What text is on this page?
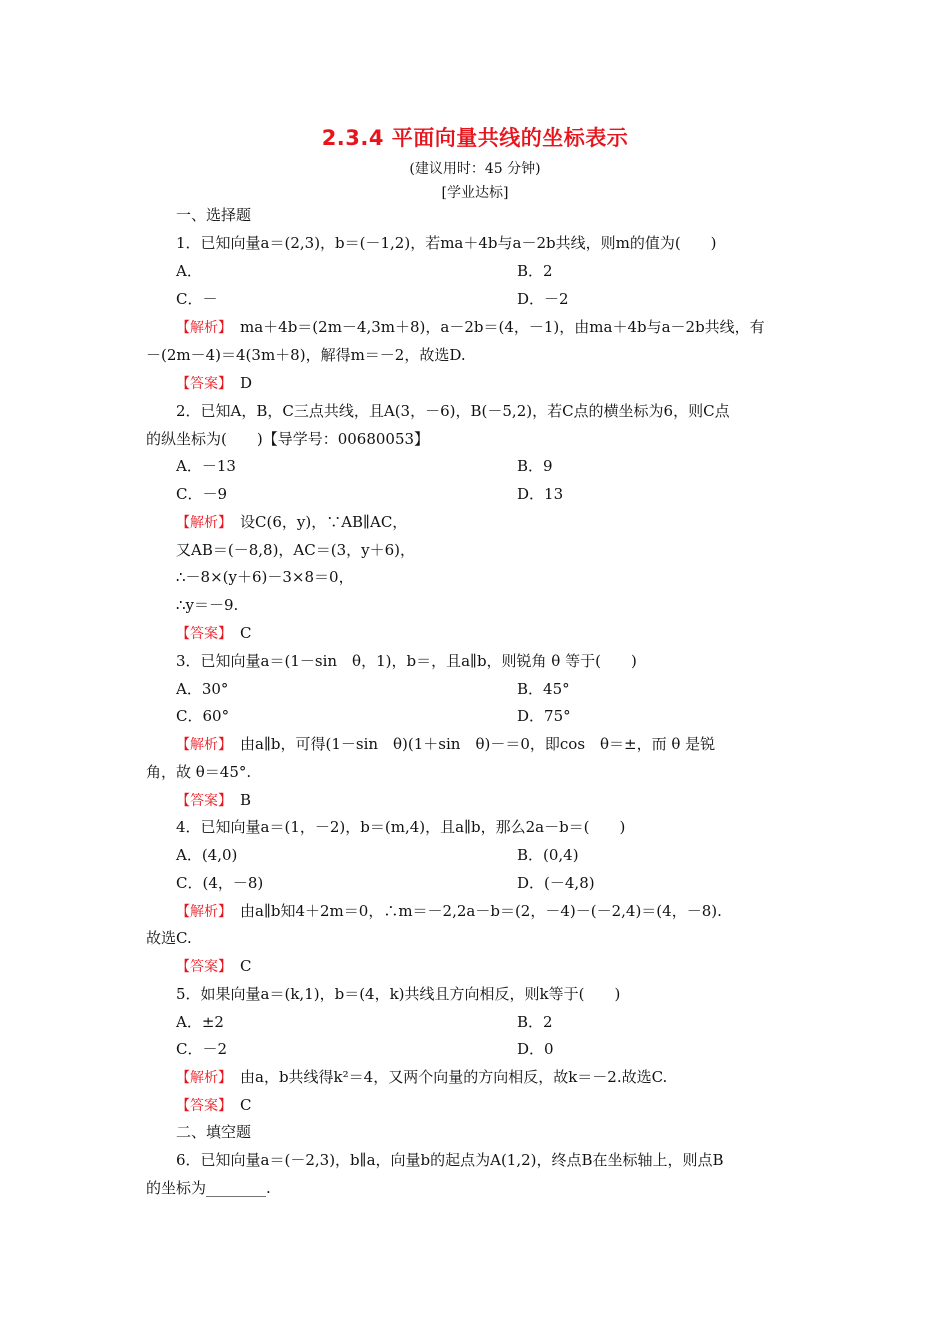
2.3.4 平面向量共线的坐标表示
(建议用时：45 分钟)
[学业达标]
一、选择题
1．已知向量a＝(2,3)，b＝(－1,2)，若ma＋4b与a－2b共线，则m的值为(　　)
A．	B．2
C．－	D．－2
【解析】　ma＋4b＝(2m－4,3m＋8)，a－2b＝(4，－1)，由ma＋4b与a－2b共线，有
－(2m－4)＝4(3m＋8)，解得m＝－2，故选D.
【答案】　D
2．已知A，B，C三点共线，且A(3，－6)，B(－5,2)，若C点的横坐标为6，则C点
的纵坐标为(　　)【导学号：00680053】
A．－13	B．9
C．－9	D．13
【解析】　设C(6，y)，∵AB∥AC，
又AB＝(－8,8)，AC＝(3，y＋6)，
∴－8×(y＋6)－3×8＝0，
∴y＝－9.
【答案】　C
3．已知向量a＝(1－sin　θ，1)，b＝，且a∥b，则锐角 θ 等于(　　)
A．30°	B．45°
C．60°	D．75°
【解析】　由a∥b，可得(1－sin　θ)(1＋sin　θ)－＝0，即cos　θ＝±，而 θ 是锐
角，故 θ＝45°.
【答案】　B
4．已知向量a＝(1，－2)，b＝(m,4)，且a∥b，那么2a－b＝(　　)
A．(4,0)	B．(0,4)
C．(4，－8)	D．(－4,8)
【解析】　由a∥b知4＋2m＝0，∴m＝－2,2a－b＝(2，－4)－(－2,4)＝(4，－8).
故选C.
【答案】　C
5．如果向量a＝(k,1)，b＝(4，k)共线且方向相反，则k等于(　　)
A．±2	B．2
C．－2	D．0
【解析】　由a，b共线得k²＝4，又两个向量的方向相反，故k＝－2.故选C.
【答案】　C
二、填空题
6．已知向量a＝(－2,3)，b∥a，向量b的起点为A(1,2)，终点B在坐标轴上，则点B
的坐标为________.
